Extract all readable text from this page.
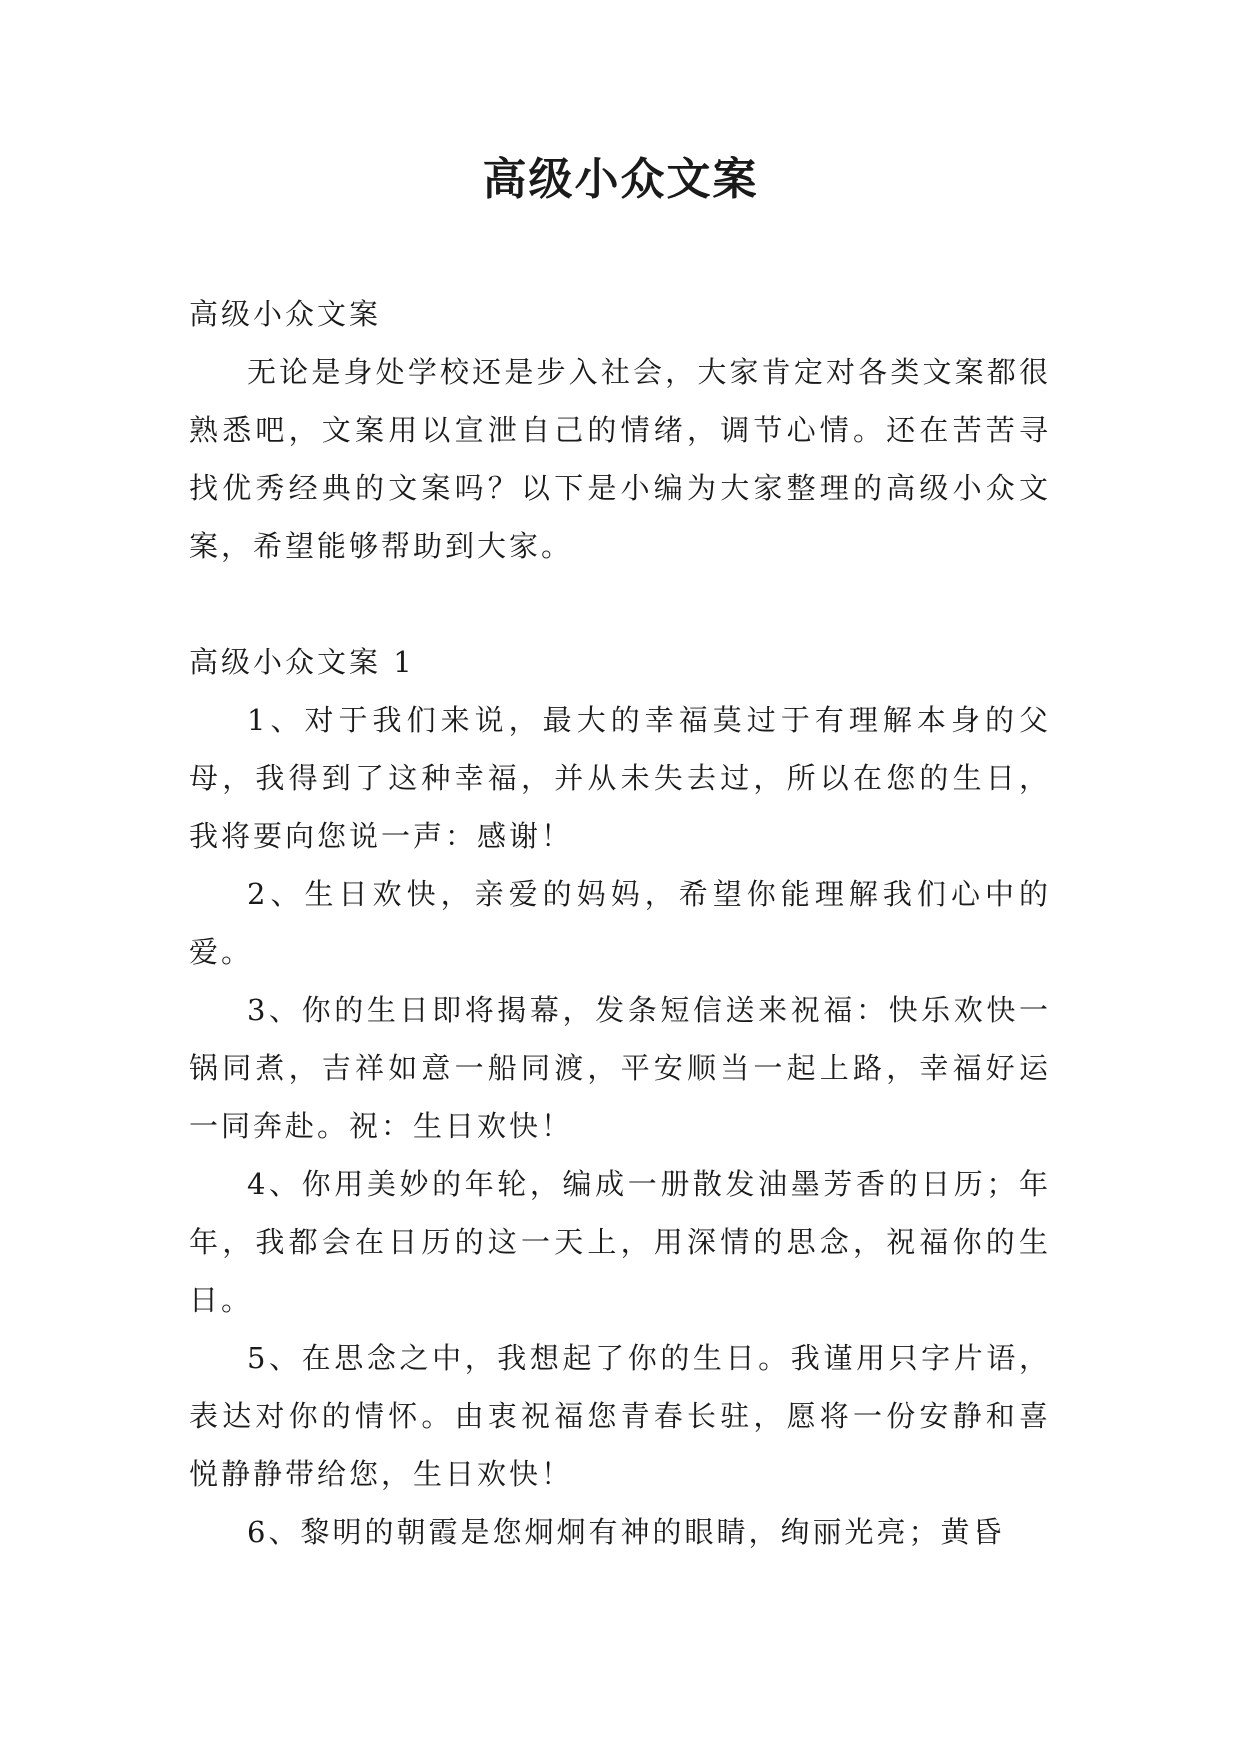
高级小众文案

高级小众文案

无论是身处学校还是步入社会，大家肯定对各类文案都很熟悉吧，文案用以宣泄自己的情绪，调节心情。还在苦苦寻找优秀经典的文案吗？以下是小编为大家整理的高级小众文案，希望能够帮助到大家。

高级小众文案 1

1、对于我们来说，最大的幸福莫过于有理解本身的父母，我得到了这种幸福，并从未失去过，所以在您的生日，我将要向您说一声：感谢！

2、生日欢快，亲爱的妈妈，希望你能理解我们心中的爱。

3、你的生日即将揭幕，发条短信送来祝福：快乐欢快一锅同煮，吉祥如意一船同渡，平安顺当一起上路，幸福好运一同奔赴。祝：生日欢快！

4、你用美妙的年轮，编成一册散发油墨芳香的日历；年年，我都会在日历的这一天上，用深情的思念，祝福你的生日。

5、在思念之中，我想起了你的生日。我谨用只字片语，表达对你的情怀。由衷祝福您青春长驻，愿将一份安静和喜悦静静带给您，生日欢快！

6、黎明的朝霞是您炯炯有神的眼睛，绚丽光亮；黄昏
